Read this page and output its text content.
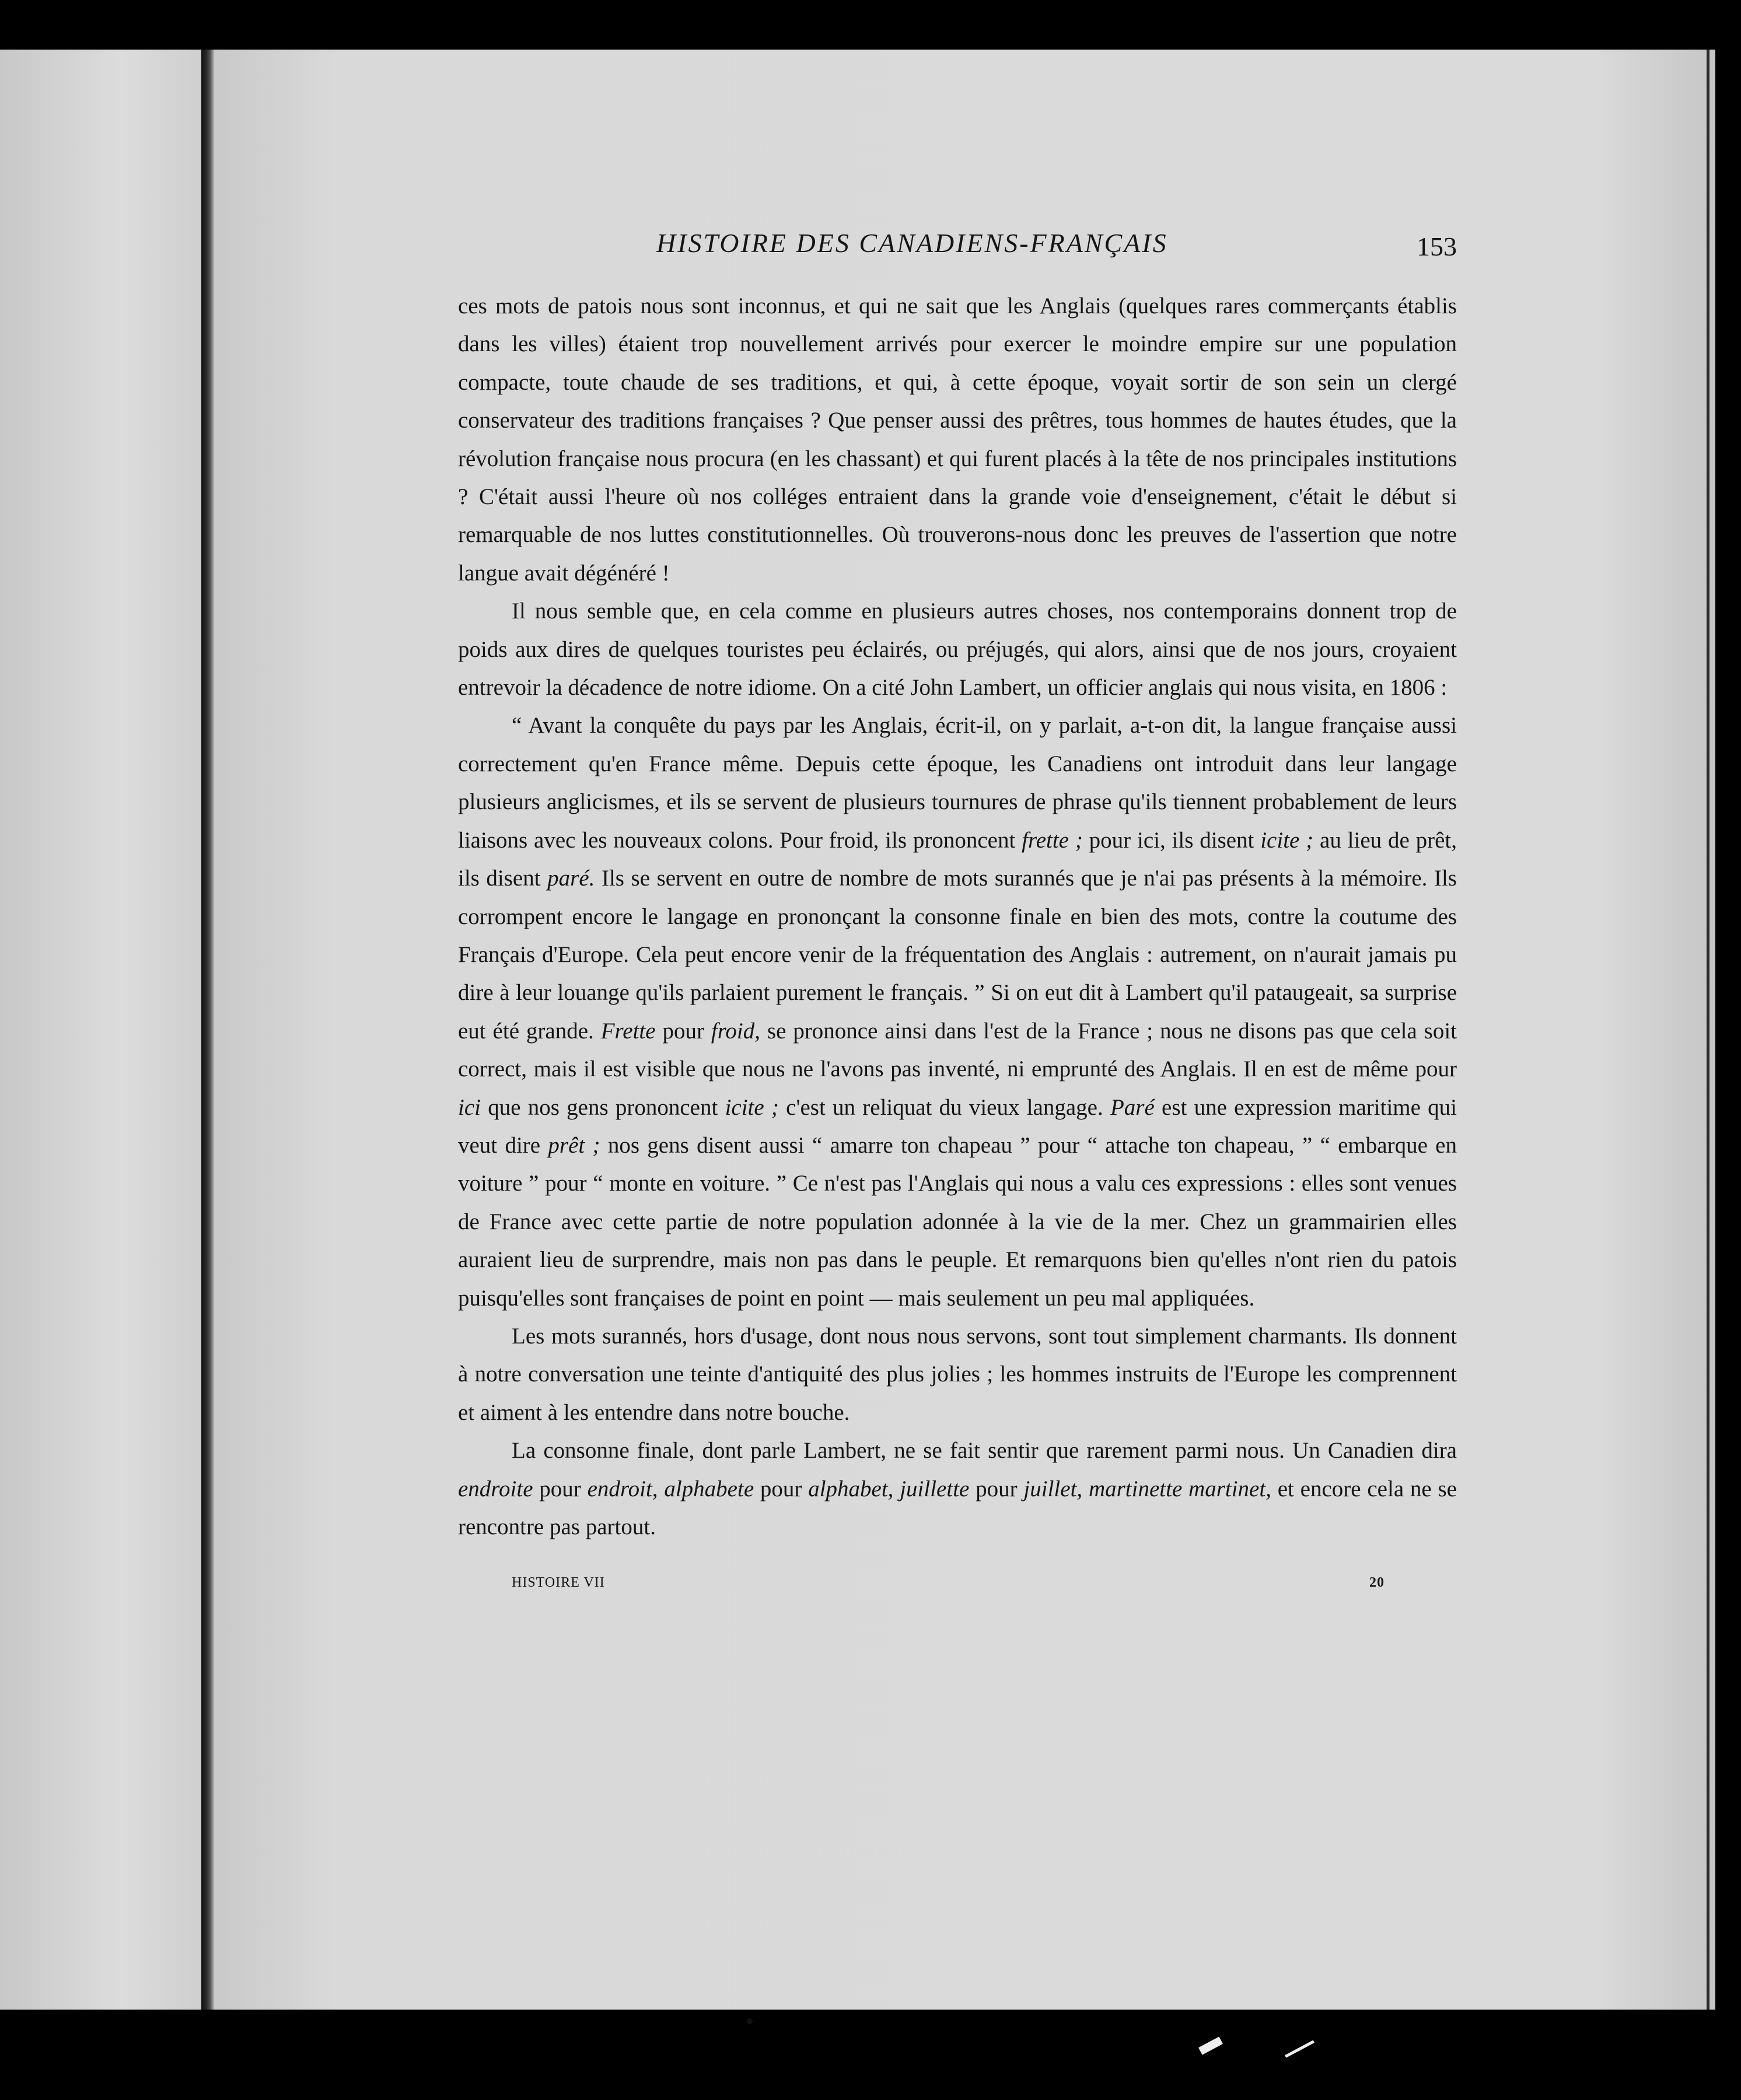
HISTOIRE DES CANADIENS-FRANÇAIS	153

ces mots de patois nous sont inconnus, et qui ne sait que les Anglais (quelques rares commerçants établis dans les villes) étaient trop nouvellement arrivés pour exercer le moindre empire sur une population compacte, toute chaude de ses traditions, et qui, à cette époque, voyait sortir de son sein un clergé conservateur des traditions françaises ? Que penser aussi des prêtres, tous hommes de hautes études, que la révolution française nous procura (en les chassant) et qui furent placés à la tête de nos principales institutions ? C'était aussi l'heure où nos colléges entraient dans la grande voie d'enseignement, c'était le début si remarquable de nos luttes constitutionnelles. Où trouverons-nous donc les preuves de l'assertion que notre langue avait dégénéré !

Il nous semble que, en cela comme en plusieurs autres choses, nos contemporains donnent trop de poids aux dires de quelques touristes peu éclairés, ou préjugés, qui alors, ainsi que de nos jours, croyaient entrevoir la décadence de notre idiome. On a cité John Lambert, un officier anglais qui nous visita, en 1806 :

“ Avant la conquête du pays par les Anglais, écrit-il, on y parlait, a-t-on dit, la langue française aussi correctement qu'en France même. Depuis cette époque, les Canadiens ont introduit dans leur langage plusieurs anglicismes, et ils se servent de plusieurs tournures de phrase qu'ils tiennent probablement de leurs liaisons avec les nouveaux colons. Pour froid, ils prononcent frette ; pour ici, ils disent icite ; au lieu de prêt, ils disent paré. Ils se servent en outre de nombre de mots surannés que je n'ai pas présents à la mémoire. Ils corrompent encore le langage en prononçant la consonne finale en bien des mots, contre la coutume des Français d'Europe. Cela peut encore venir de la fréquentation des Anglais : autrement, on n'aurait jamais pu dire à leur louange qu'ils parlaient purement le français. ” Si on eut dit à Lambert qu'il pataugeait, sa surprise eut été grande. Frette pour froid, se prononce ainsi dans l'est de la France ; nous ne disons pas que cela soit correct, mais il est visible que nous ne l'avons pas inventé, ni emprunté des Anglais. Il en est de même pour ici que nos gens prononcent icite ; c'est un reliquat du vieux langage. Paré est une expression maritime qui veut dire prêt ; nos gens disent aussi “ amarre ton chapeau ” pour “ attache ton chapeau, ” “ embarque en voiture ” pour “ monte en voiture. ” Ce n'est pas l'Anglais qui nous a valu ces expressions : elles sont venues de France avec cette partie de notre population adonnée à la vie de la mer. Chez un grammairien elles auraient lieu de surprendre, mais non pas dans le peuple. Et remarquons bien qu'elles n'ont rien du patois puisqu'elles sont françaises de point en point — mais seulement un peu mal appliquées.

Les mots surannés, hors d'usage, dont nous nous servons, sont tout simplement charmants. Ils donnent à notre conversation une teinte d'antiquité des plus jolies ; les hommes instruits de l'Europe les comprennent et aiment à les entendre dans notre bouche.

La consonne finale, dont parle Lambert, ne se fait sentir que rarement parmi nous. Un Canadien dira endroite pour endroit, alphabete pour alphabet, juillette pour juillet, martinette martinet, et encore cela ne se rencontre pas partout.

HISTOIRE VII	20
